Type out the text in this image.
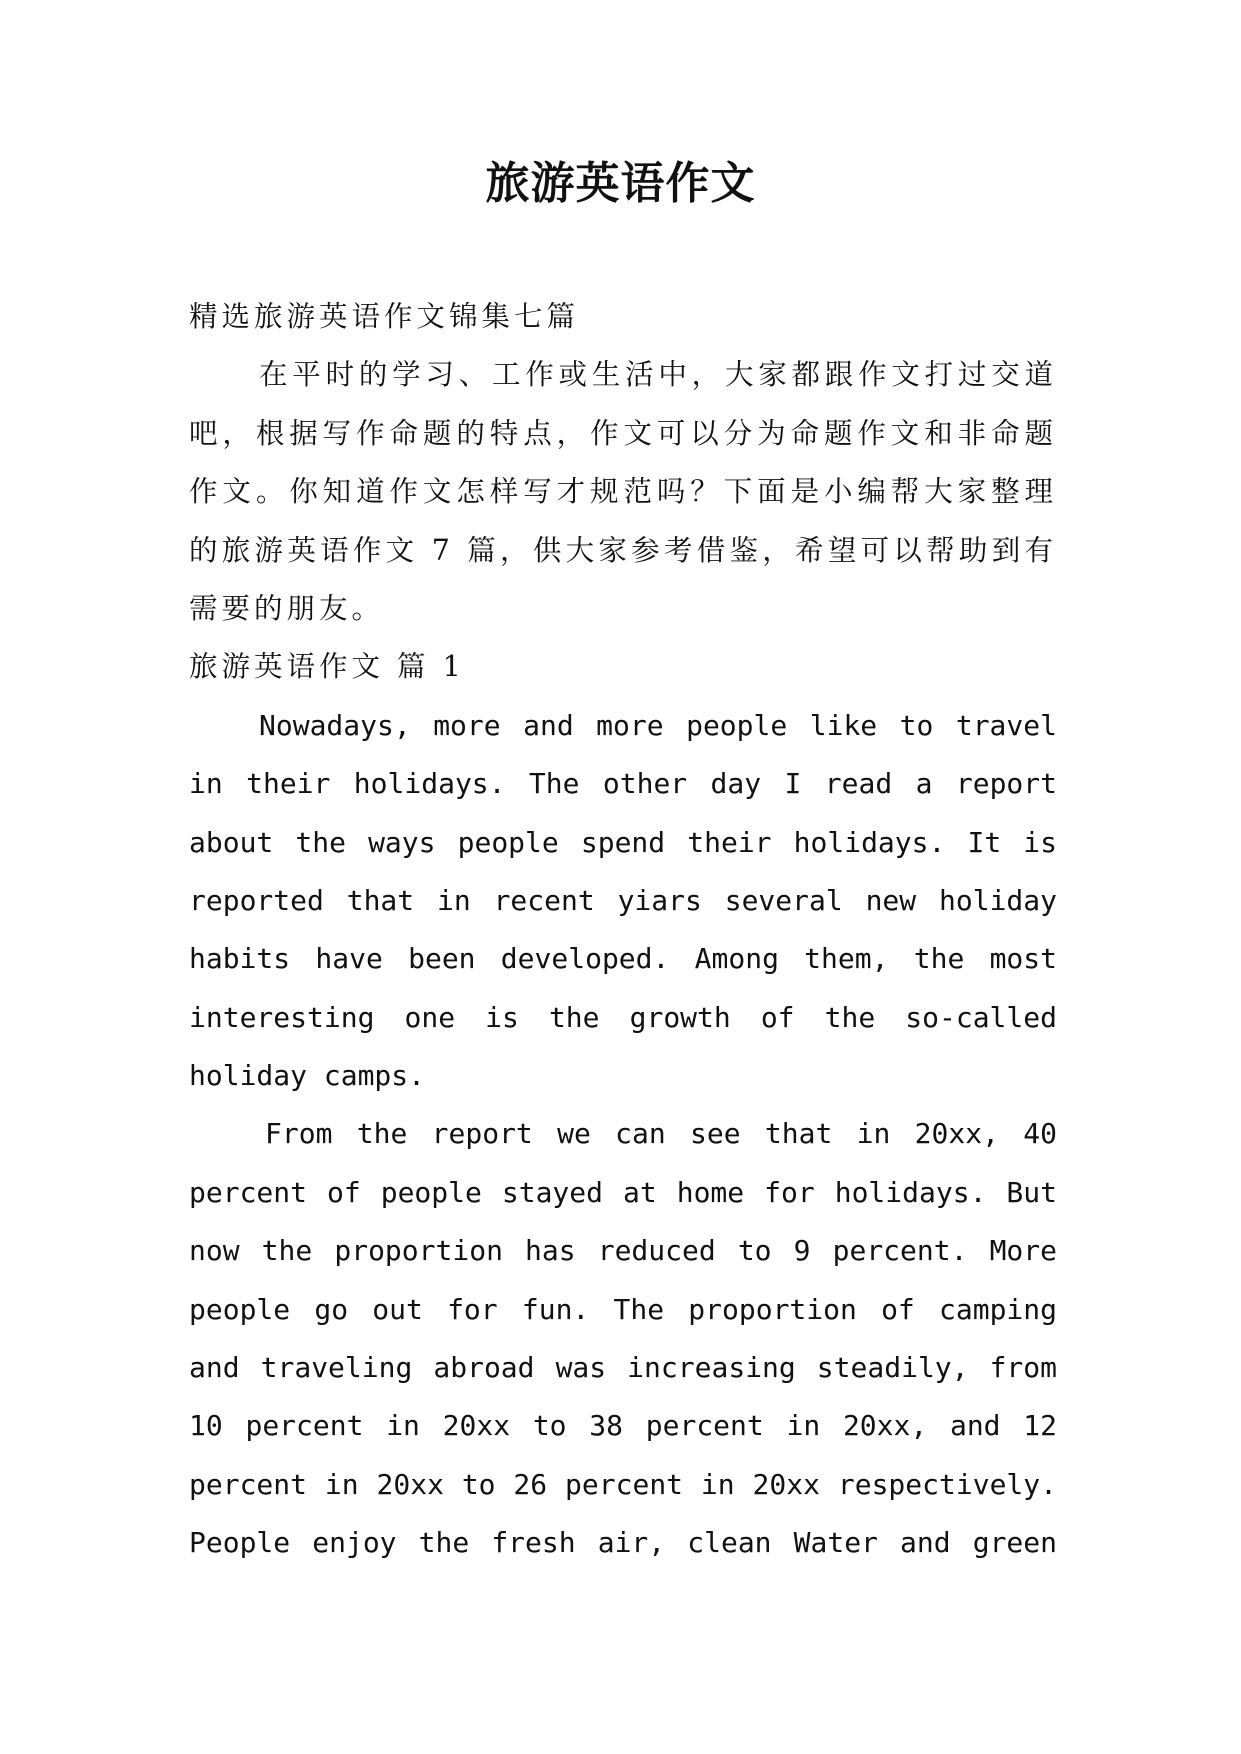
旅游英语作文
精选旅游英语作文锦集七篇
在平时的学习、工作或生活中，大家都跟作文打过交道
吧，根据写作命题的特点，作文可以分为命题作文和非命题
作文。你知道作文怎样写才规范吗？下面是小编帮大家整理
的旅游英语作文 7 篇，供大家参考借鉴，希望可以帮助到有
需要的朋友。
旅游英语作文 篇 1
Nowadays, more and more people like to travel
in their holidays. The other day I read a report
about the ways people spend their holidays. It is
reported that in recent yiars several new holiday
habits have been developed. Among them, the most
interesting one is the growth of the so-called
holiday camps.
From the report we can see that in 20xx, 40
percent of people stayed at home for holidays. But
now the proportion has reduced to 9 percent. More
people go out for fun. The proportion of camping
and traveling abroad was increasing steadily, from
10 percent in 20xx to 38 percent in 20xx, and 12
percent in 20xx to 26 percent in 20xx respectively.
People enjoy the fresh air, clean Water and green
